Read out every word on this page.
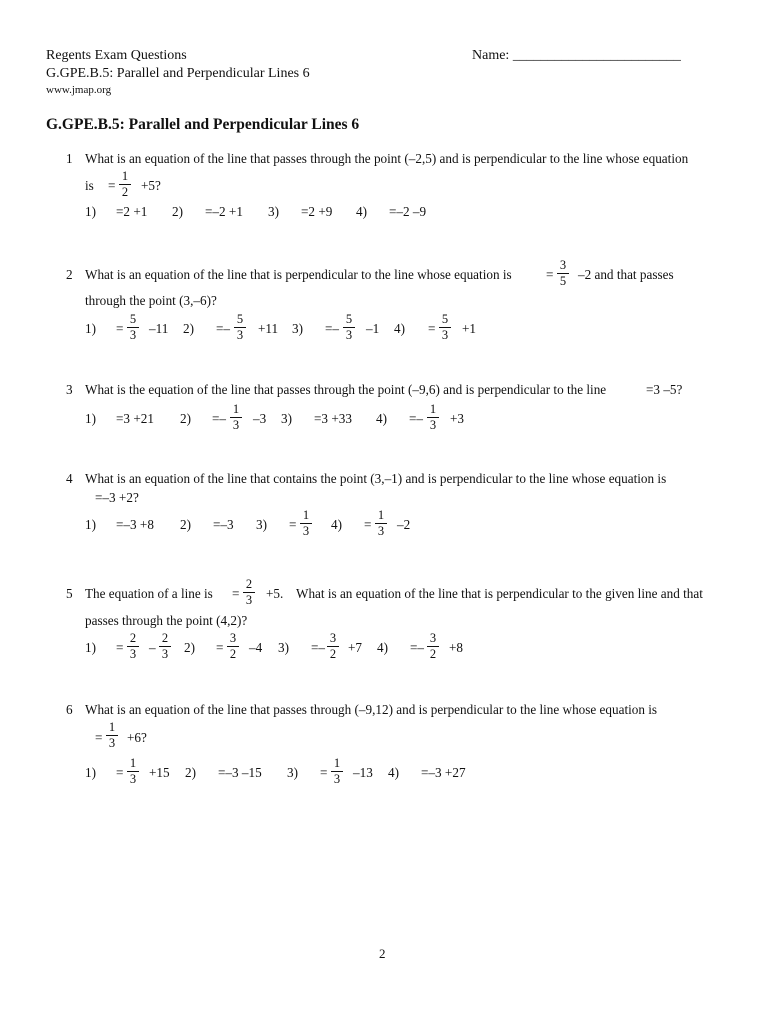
Regents Exam Questions
G.GPE.B.5: Parallel and Perpendicular Lines 6
www.jmap.org
Name: ________________________
G.GPE.B.5: Parallel and Perpendicular Lines 6
1 What is an equation of the line that passes through the point (–2,5) and is perpendicular to the line whose equation
is =
1
2 +5?
1) =2 +1 2) =–2 +1 3) =2 +9 4) =–2 –9
2 What is an equation of the line that is perpendicular to the line whose equation is	=
3
5 –2 and that passes
through the point (3,–6)?
1) =
5
3 –11 2) =–
5
3 +11 3) =–
5
3 –1 4) =
5
3 +1
3 What is the equation of the line that passes through the point (–9,6) and is perpendicular to the line	=3 –5?
1) =3 +21 2) =–
1
3 –3 3) =3 +33 4) =–
1
3 +3
4 What is an equation of the line that contains the point (3,–1) and is perpendicular to the line whose equation is
=–3 +2?
1) =–3 +8 2) =–3 3) =
1
3 4) =
1
3 –2
5 The equation of a line is =
2
3 +5. What is an equation of the line that is perpendicular to the given line and that
passes through the point (4,2)?
1) =
2
3 –
2
3 2) =
3
2 –4 3) =–
3
2 +7 4) =–
3
2 +8
6 What is an equation of the line that passes through (–9,12) and is perpendicular to the line whose equation is
=
1
3 +6?
1) =
1
3 +15 2) =–3 –15 3) =
1
3 –13 4) =–3 +27
2
